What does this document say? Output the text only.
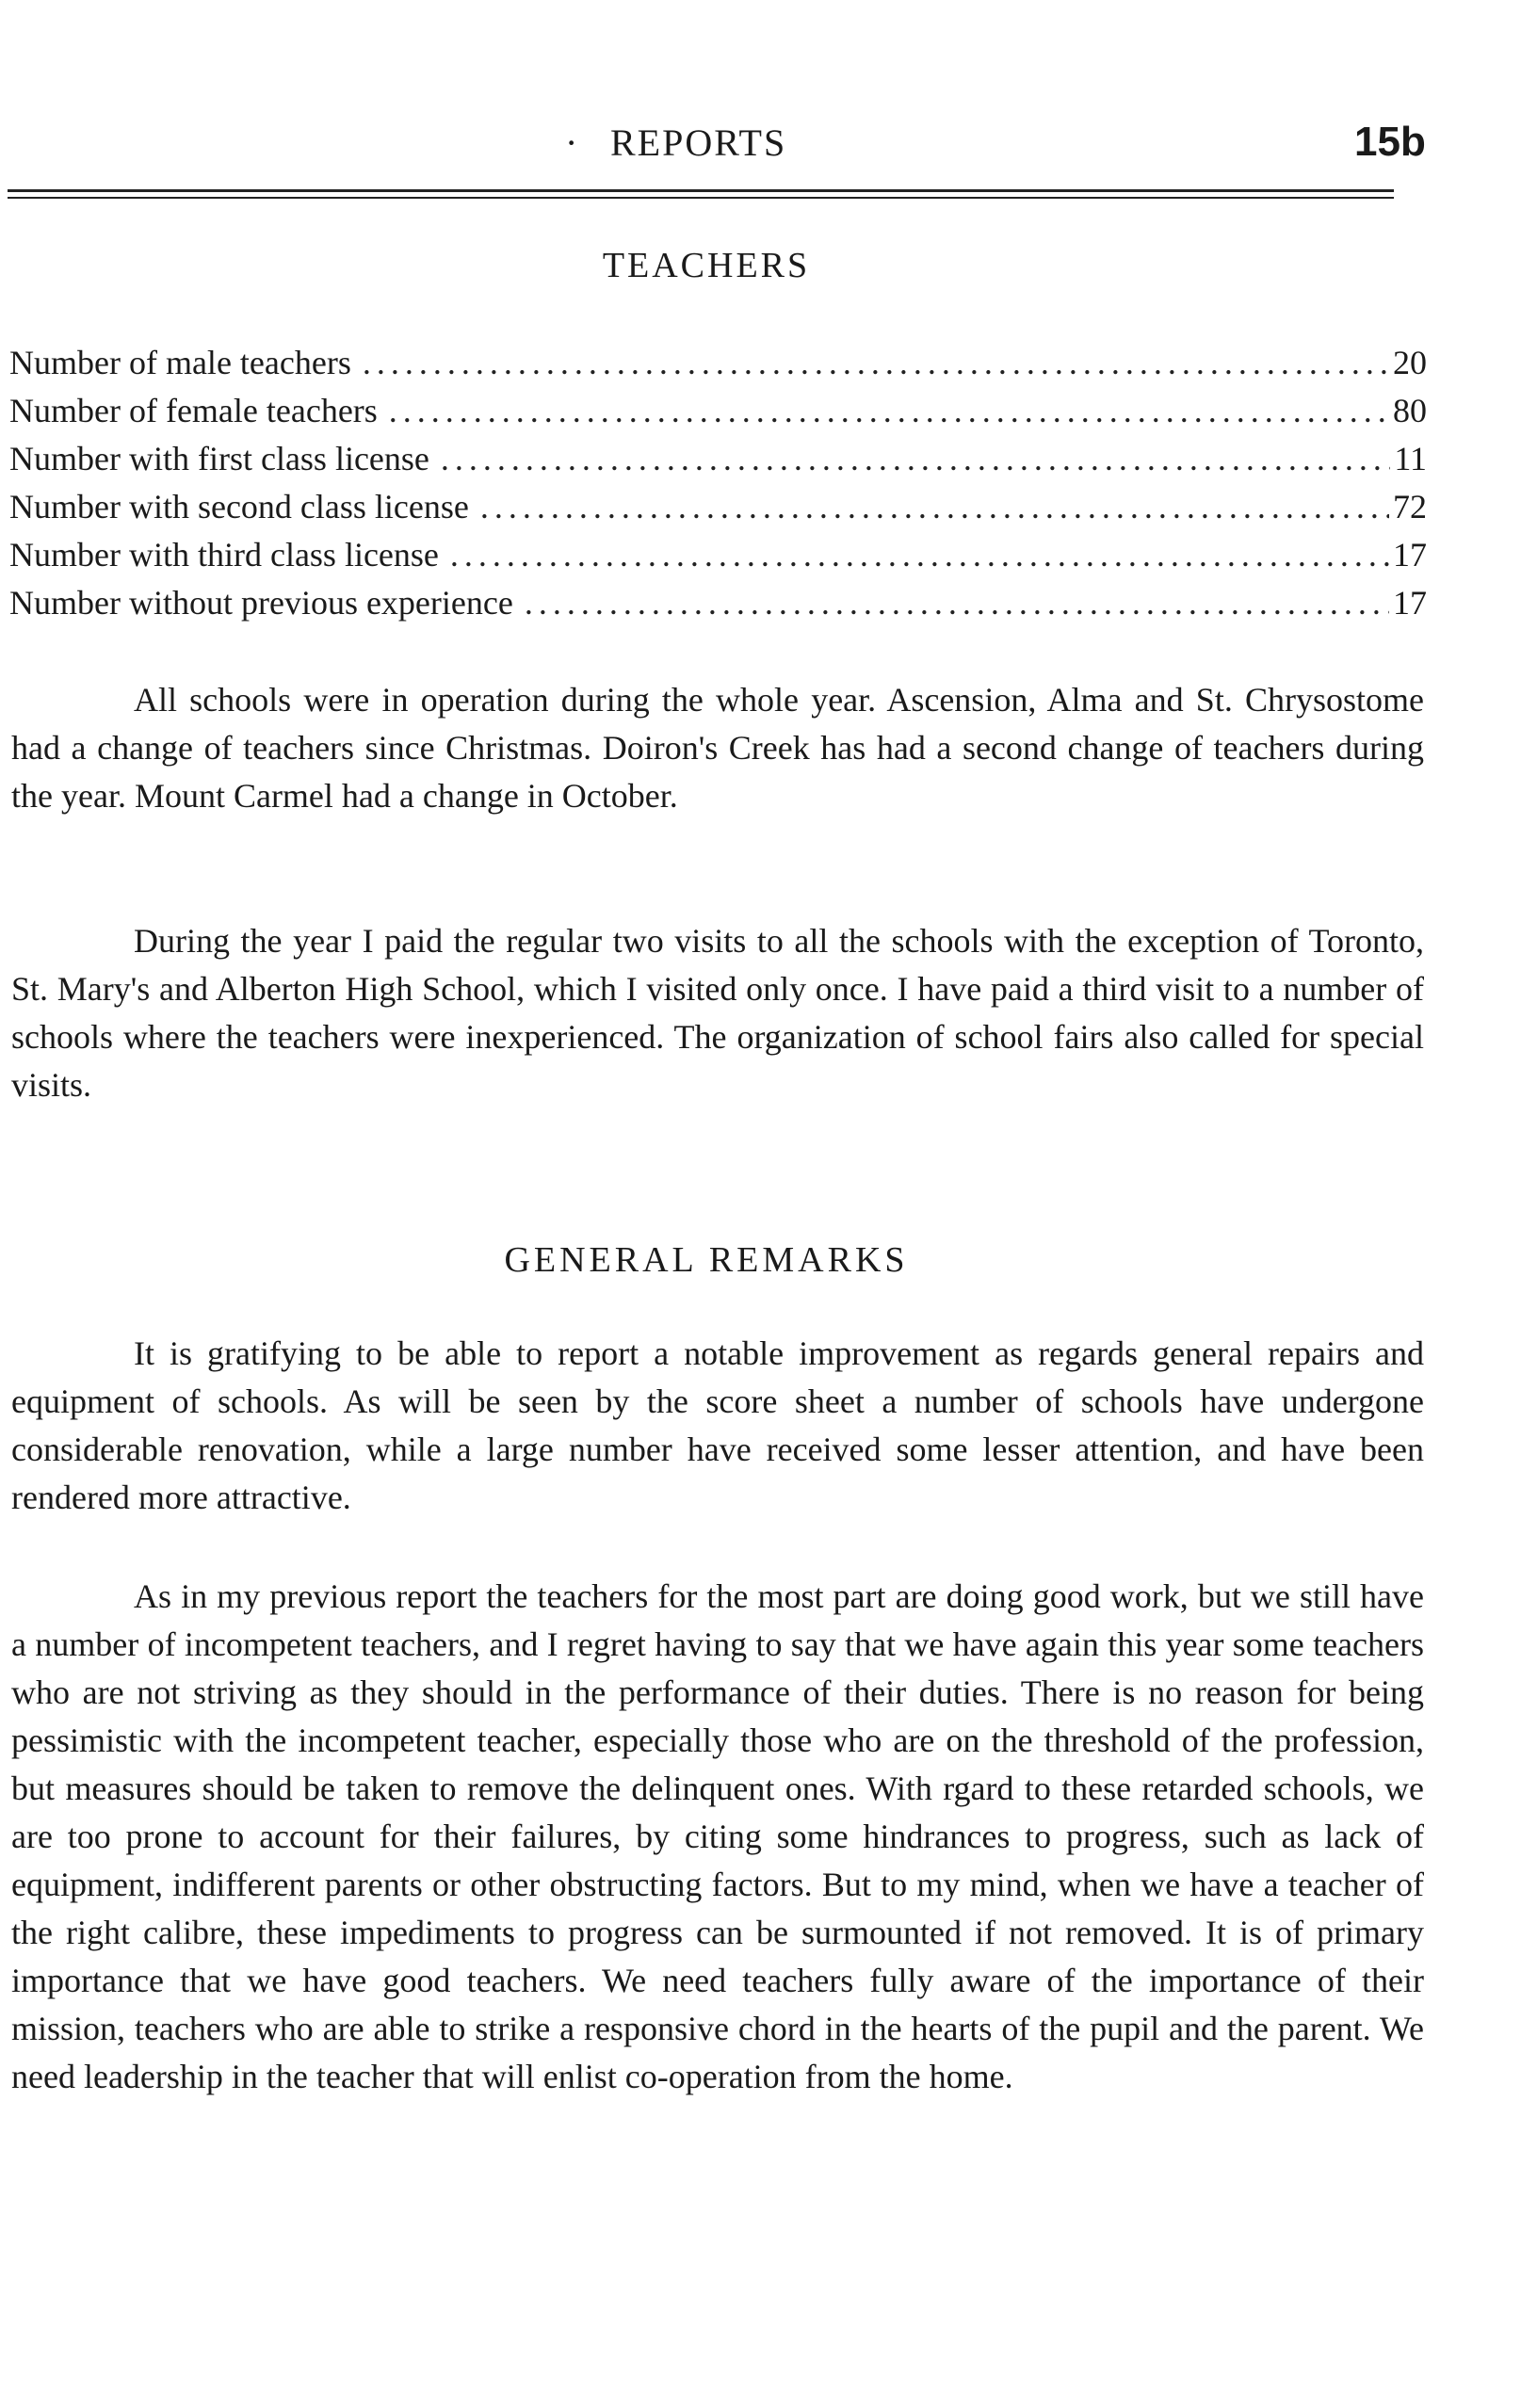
· REPORTS	15b
TEACHERS
Number of male teachers .....	20
Number of female teachers .....	80
Number with first class license .....	11
Number with second class license .....	72
Number with third class license .....	17
Number without previous experience .....	17

All schools were in operation during the whole year. Ascension, Alma and St. Chrysostome had a change of teachers since Christmas. Doiron's Creek has had a second change of teachers during the year. Mount Carmel had a change in October.

During the year I paid the regular two visits to all the schools with the exception of Toronto, St. Mary's and Alberton High School, which I visited only once. I have paid a third visit to a number of schools where the teachers were inexperienced. The organization of school fairs also called for special visits.

GENERAL REMARKS

It is gratifying to be able to report a notable improvement as regards general repairs and equipment of schools. As will be seen by the score sheet a number of schools have undergone considerable renovation, while a large number have received some lesser attention, and have been rendered more attractive.

As in my previous report the teachers for the most part are doing good work, but we still have a number of incompetent teachers, and I regret having to say that we have again this year some teachers who are not striving as they should in the performance of their duties. There is no reason for being pessimistic with the incompetent teacher, especially those who are on the threshold of the profession, but measures should be taken to remove the delinquent ones. With rgard to these retarded schools, we are too prone to account for their failures, by citing some hindrances to progress, such as lack of equipment, indifferent parents or other obstructing factors. But to my mind, when we have a teacher of the right calibre, these impediments to progress can be surmounted if not removed. It is of primary importance that we have good teachers. We need teachers fully aware of the importance of their mission, teachers who are able to strike a responsive chord in the hearts of the pupil and the parent. We need leadership in the teacher that will enlist co-operation from the home.
